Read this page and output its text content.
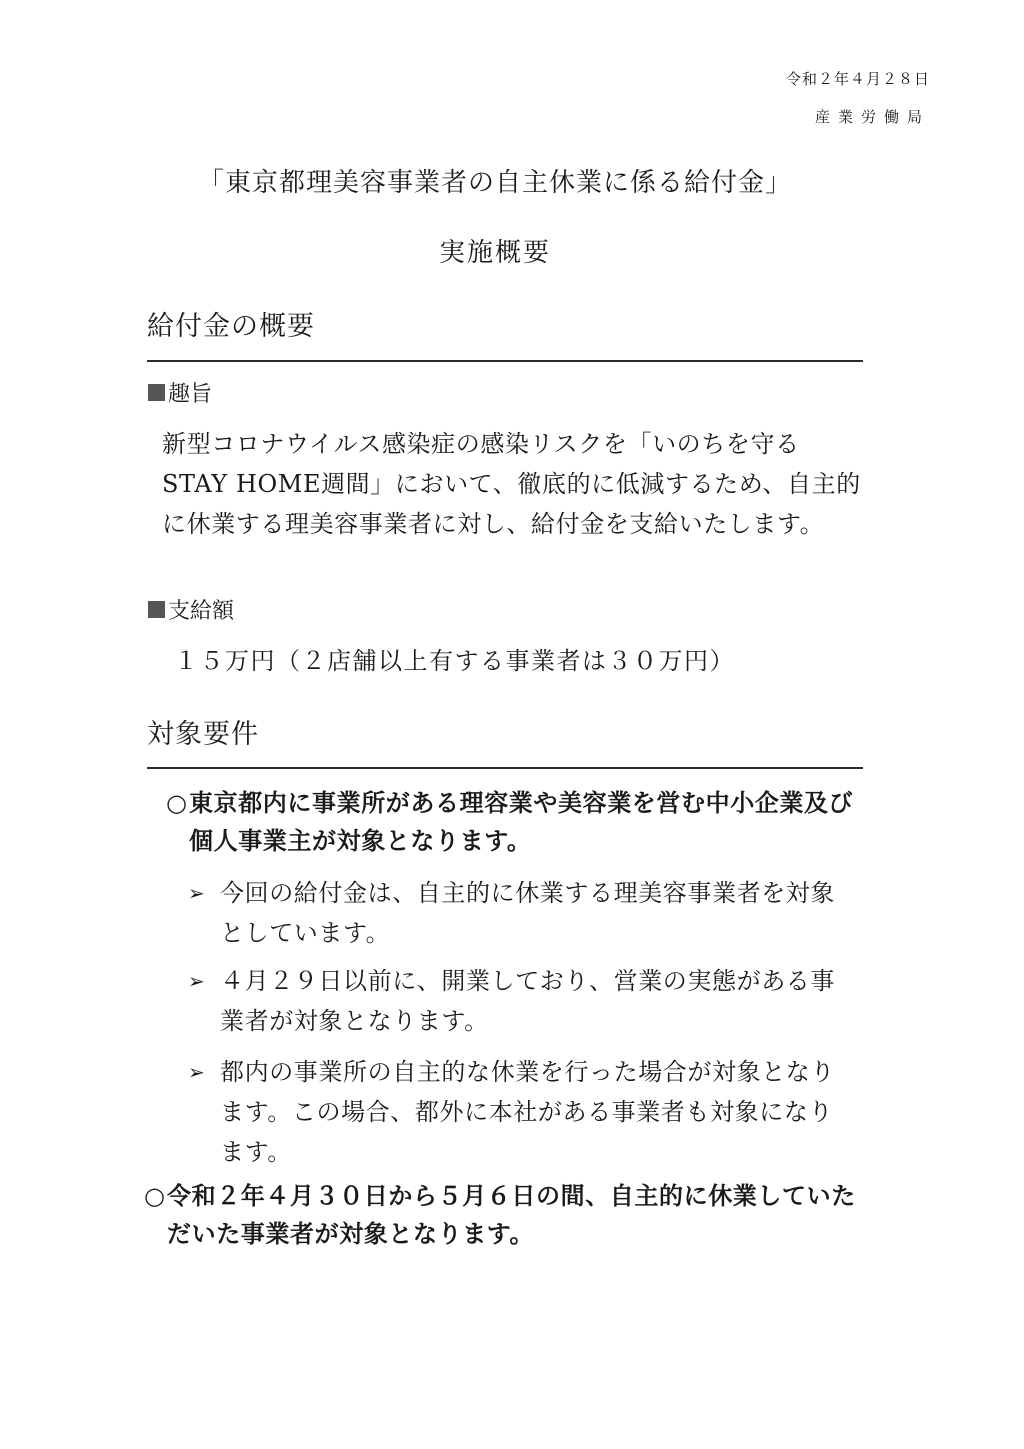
令和２年４月２８日
産業労働局
「東京都理美容事業者の自主休業に係る給付金」
実施概要
給付金の概要
趣旨
新型コロナウイルス感染症の感染リスクを「いのちを守るSTAY HOME週間」において、徹底的に低減するため、自主的に休業する理美容事業者に対し、給付金を支給いたします。
支給額
１５万円（２店舗以上有する事業者は３０万円）
対象要件
○ 東京都内に事業所がある理容業や美容業を営む中小企業及び個人事業主が対象となります。
➢ 今回の給付金は、自主的に休業する理美容事業者を対象としています。
➢ ４月２９日以前に、開業しており、営業の実態がある事業者が対象となります。
➢ 都内の事業所の自主的な休業を行った場合が対象となります。この場合、都外に本社がある事業者も対象になります。
○ 令和２年４月３０日から５月６日の間、自主的に休業していただいた事業者が対象となります。
